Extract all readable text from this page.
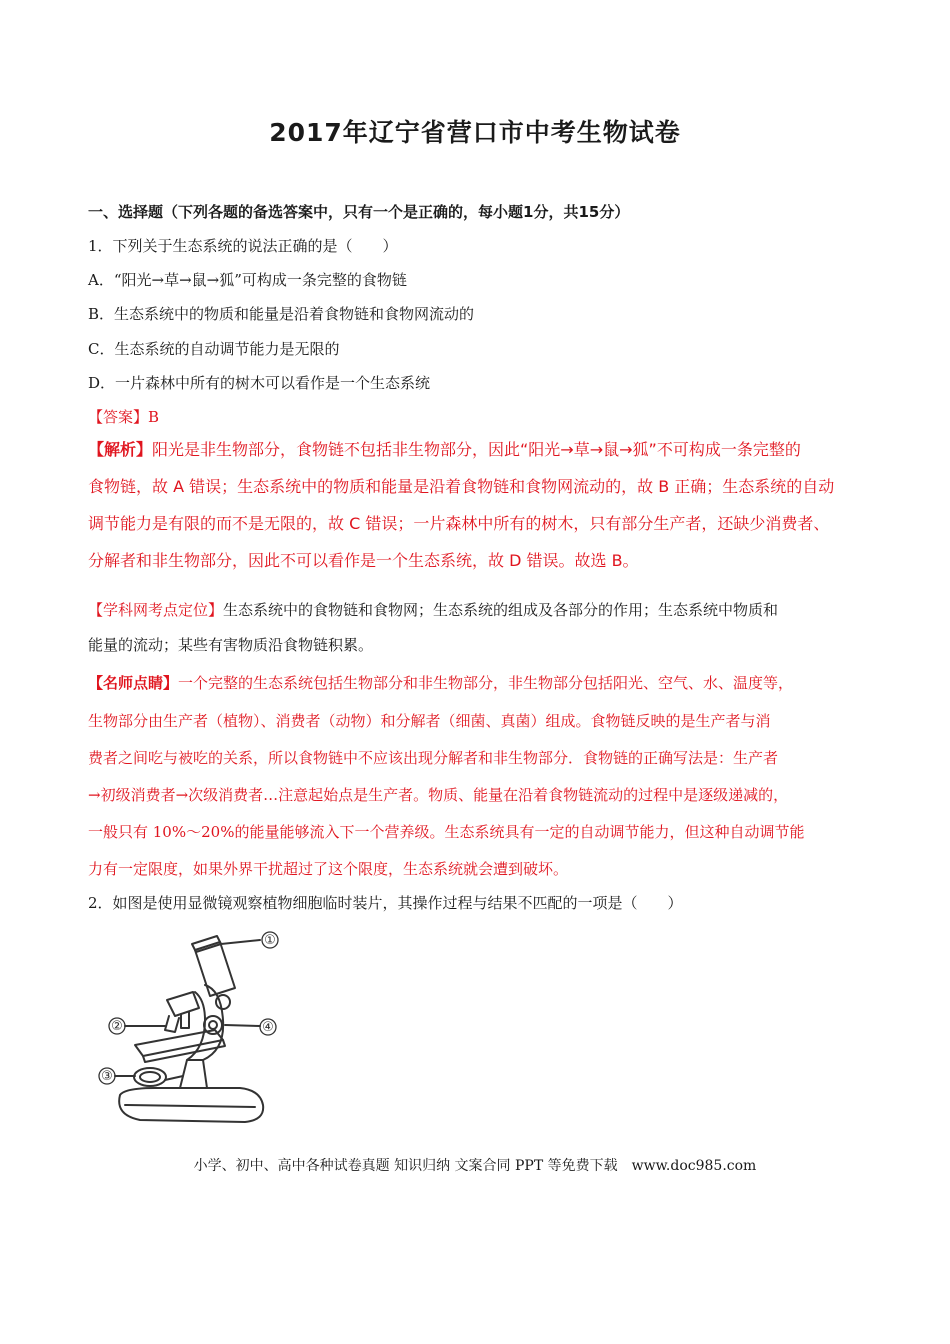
2017年辽宁省营口市中考生物试卷
一、选择题（下列各题的备选答案中，只有一个是正确的，每小题1分，共15分）
1．下列关于生态系统的说法正确的是（　　）
A．“阳光→草→鼠→狐”可构成一条完整的食物链
B．生态系统中的物质和能量是沿着食物链和食物网流动的
C．生态系统的自动调节能力是无限的
D．一片森林中所有的树木可以看作是一个生态系统
【答案】B
【解析】阳光是非生物部分，食物链不包括非生物部分，因此“阳光→草→鼠→狐”不可构成一条完整的
食物链，故 A 错误；生态系统中的物质和能量是沿着食物链和食物网流动的，故 B 正确；生态系统的自动
调节能力是有限的而不是无限的，故 C 错误；一片森林中所有的树木，只有部分生产者，还缺少消费者、
分解者和非生物部分，因此不可以看作是一个生态系统，故 D 错误。故选 B。
【学科网考点定位】生态系统中的食物链和食物网；生态系统的组成及各部分的作用；生态系统中物质和
能量的流动；某些有害物质沿食物链积累。
【名师点睛】一个完整的生态系统包括生物部分和非生物部分，非生物部分包括阳光、空气、水、温度等，
生物部分由生产者（植物）、消费者（动物）和分解者（细菌、真菌）组成。食物链反映的是生产者与消
费者之间吃与被吃的关系，所以食物链中不应该出现分解者和非生物部分．食物链的正确写法是：生产者
→初级消费者→次级消费者…注意起始点是生产者。物质、能量在沿着食物链流动的过程中是逐级递减的，
一般只有 10%～20%的能量能够流入下一个营养级。生态系统具有一定的自动调节能力，但这种自动调节能
力有一定限度，如果外界干扰超过了这个限度，生态系统就会遭到破坏。
2．如图是使用显微镜观察植物细胞临时装片，其操作过程与结果不匹配的一项是（　　）
①
②
③
④
小学、初中、高中各种试卷真题 知识归纳 文案合同 PPT 等免费下载　www.doc985.com
